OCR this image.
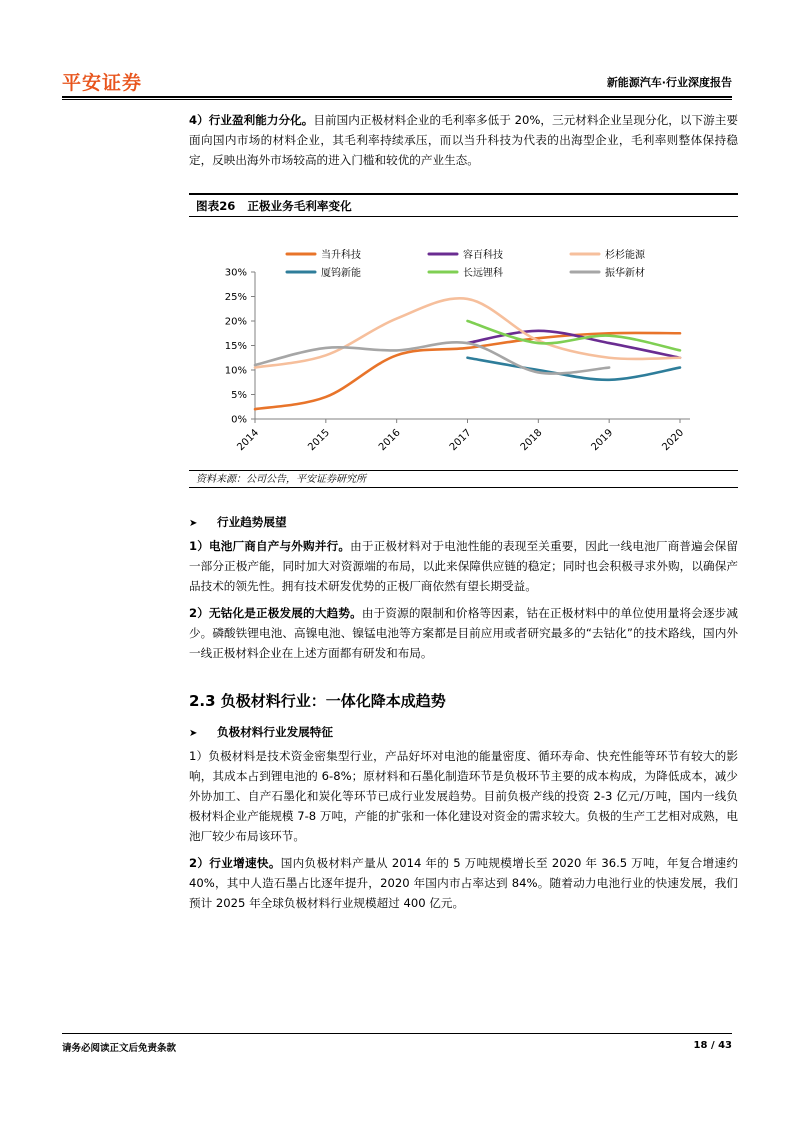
平安证券	新能源汽车·行业深度报告

4）行业盈利能力分化。目前国内正极材料企业的毛利率多低于 20%，三元材料企业呈现分化，以下游主要面向国内市场的材料企业，其毛利率持续承压，而以当升科技为代表的出海型企业，毛利率则整体保持稳定，反映出海外市场较高的进入门槛和较优的产业生态。

图表26 正极业务毛利率变化
当升科技	容百科技	杉杉能源
厦钨新能	长远锂科	振华新材
0%
5%
10%
15%
20%
25%
30%
2014	2015	2016	2017	2018	2019	2020
资料来源：公司公告，平安证券研究所

➤ 行业趋势展望

1）电池厂商自产与外购并行。由于正极材料对于电池性能的表现至关重要，因此一线电池厂商普遍会保留一部分正极产能，同时加大对资源端的布局，以此来保障供应链的稳定；同时也会积极寻求外购，以确保产品技术的领先性。拥有技术研发优势的正极厂商依然有望长期受益。

2）无钴化是正极发展的大趋势。由于资源的限制和价格等因素，钴在正极材料中的单位使用量将会逐步减少。磷酸铁锂电池、高镍电池、镍锰电池等方案都是目前应用或者研究最多的“去钴化”的技术路线，国内外一线正极材料企业在上述方面都有研发和布局。

2.3 负极材料行业：一体化降本成趋势

➤ 负极材料行业发展特征

1）负极材料是技术资金密集型行业，产品好坏对电池的能量密度、循环寿命、快充性能等环节有较大的影响，其成本占到锂电池的 6-8%；原材料和石墨化制造环节是负极环节主要的成本构成，为降低成本，减少外协加工、自产石墨化和炭化等环节已成行业发展趋势。目前负极产线的投资 2-3 亿元/万吨，国内一线负极材料企业产能规模 7-8 万吨，产能的扩张和一体化建设对资金的需求较大。负极的生产工艺相对成熟，电池厂较少布局该环节。

2）行业增速快。国内负极材料产量从 2014 年的 5 万吨规模增长至 2020 年 36.5 万吨，年复合增速约 40%，其中人造石墨占比逐年提升，2020 年国内市占率达到 84%。随着动力电池行业的快速发展，我们预计 2025 年全球负极材料行业规模超过 400 亿元。

请务必阅读正文后免责条款	18 / 43
